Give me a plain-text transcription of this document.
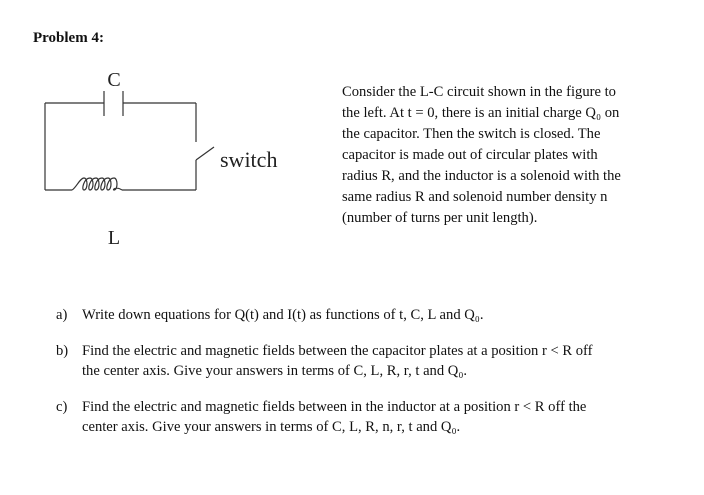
Problem 4:
C
L
switch
Consider the L-C circuit shown in the figure to
the left. At t = 0, there is an initial charge Q₀ on
the capacitor. Then the switch is closed. The
capacitor is made out of circular plates with
radius R, and the inductor is a solenoid with the
same radius R and solenoid number density n
(number of turns per unit length).
a) Write down equations for Q(t) and I(t) as functions of t, C, L and Q₀.
b) Find the electric and magnetic fields between the capacitor plates at a position r < R off
the center axis. Give your answers in terms of C, L, R, r, t and Q₀.
c) Find the electric and magnetic fields between in the inductor at a position r < R off the
center axis. Give your answers in terms of C, L, R, n, r, t and Q₀.
